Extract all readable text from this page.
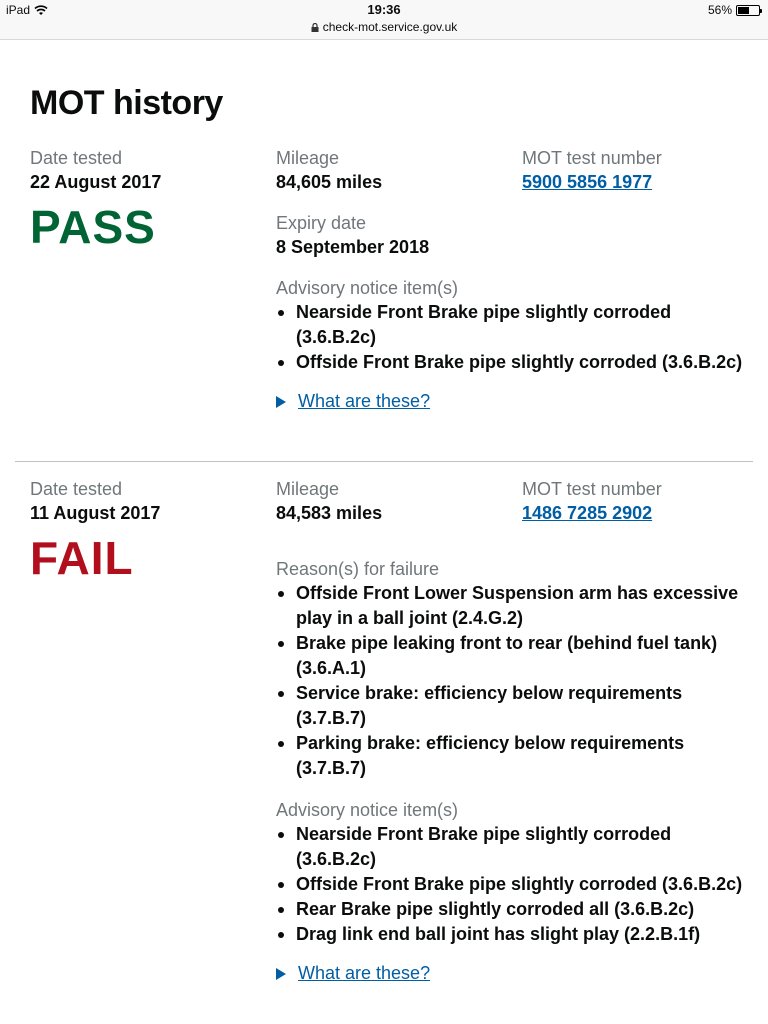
iPad	19:36	56%
check-mot.service.gov.uk
MOT history
Date tested
22 August 2017
PASS
Mileage
84,605 miles
Expiry date
8 September 2018
Advisory notice item(s)
Nearside Front Brake pipe slightly corroded (3.6.B.2c)
Offside Front Brake pipe slightly corroded (3.6.B.2c)
What are these?
MOT test number
5900 5856 1977
Date tested
11 August 2017
FAIL
Mileage
84,583 miles
Reason(s) for failure
Offside Front Lower Suspension arm has excessive play in a ball joint (2.4.G.2)
Brake pipe leaking front to rear (behind fuel tank) (3.6.A.1)
Service brake: efficiency below requirements (3.7.B.7)
Parking brake: efficiency below requirements (3.7.B.7)
Advisory notice item(s)
Nearside Front Brake pipe slightly corroded (3.6.B.2c)
Offside Front Brake pipe slightly corroded (3.6.B.2c)
Rear Brake pipe slightly corroded all (3.6.B.2c)
Drag link end ball joint has slight play (2.2.B.1f)
What are these?
MOT test number
1486 7285 2902
